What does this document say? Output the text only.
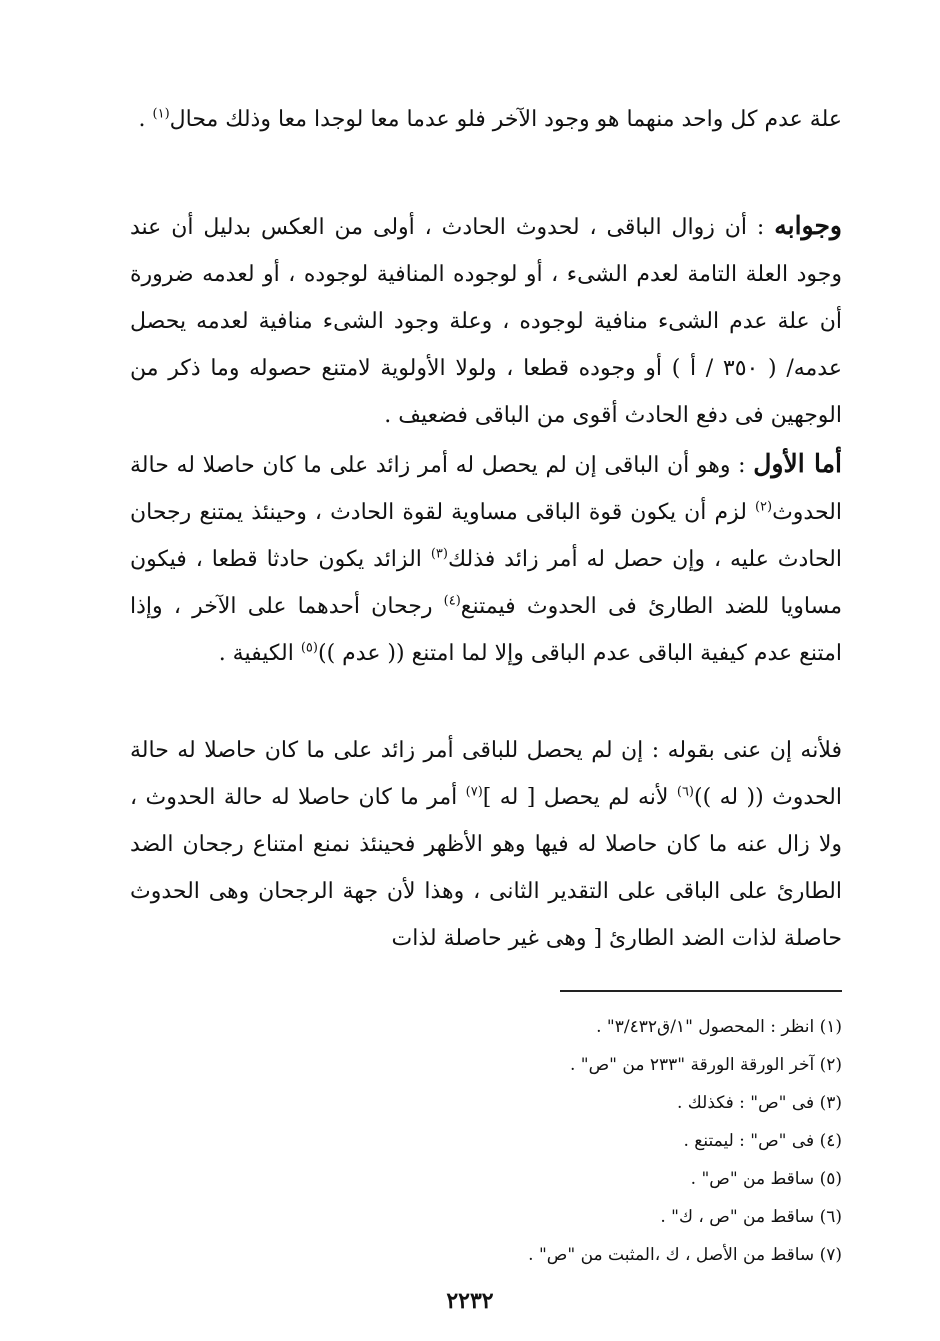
علة عدم كل واحد منهما هو وجود الآخر فلو عدما معا لوجدا معا وذلك محال$^{(١)}$ .
وجوابه : أن زوال الباقى ، لحدوث الحادث ، أولى من العكس بدليل أن عند وجود العلة التامة لعدم الشىء ، أو لوجوده المنافية لوجوده ، أو لعدمه ضرورة أن علة عدم الشىء منافية لوجوده ، وعلة وجود الشىء منافية لعدمه يحصل عدمه/ ( ٣٥٠ / أ ) أو وجوده قطعا ، ولولا الأولوية لامتنع حصوله وما ذكر من الوجهين فى دفع الحادث أقوى من الباقى فضعيف .
أما الأول : وهو أن الباقى إن لم يحصل له أمر زائد على ما كان حاصلا له حالة الحدوث$^{(٢)}$ لزم أن يكون قوة الباقى مساوية لقوة الحادث ، وحينئذ يمتنع رجحان الحادث عليه ، وإن حصل له أمر زائد فذلك$^{(٣)}$ الزائد يكون حادثا قطعا ، فيكون مساويا للضد الطارئ فى الحدوث فيمتنع$^{(٤)}$ رجحان أحدهما على الآخر ، وإذا امتنع عدم كيفية الباقى عدم الباقى وإلا لما امتنع (( عدم ))$^{(٥)}$ الكيفية .
فلأنه إن عنى بقوله : إن لم يحصل للباقى أمر زائد على ما كان حاصلا له حالة الحدوث (( له ))$^{(٦)}$ لأنه لم يحصل [ له ]$^{(٧)}$ أمر ما كان حاصلا له حالة الحدوث ، ولا زال عنه ما كان حاصلا له فيها وهو الأظهر فحينئذ نمنع امتناع رجحان الضد الطارئ على الباقى على التقدير الثانى ، وهذا لأن جهة الرجحان وهى الحدوث حاصلة لذات الضد الطارئ [ وهى غير حاصلة لذات
(١) انظر : المحصول "١/ق٣/٤٣٢" .
(٢) آخر الورقة الورقة "٢٣٣ من "ص" .
(٣) فى "ص" : فكذلك .
(٤) فى "ص" : ليمتنع .
(٥) ساقط من "ص" .
(٦) ساقط من "ص ، ك" .
(٧) ساقط من الأصل ، ك ،المثبت من "ص" .
٢٢٣٢
